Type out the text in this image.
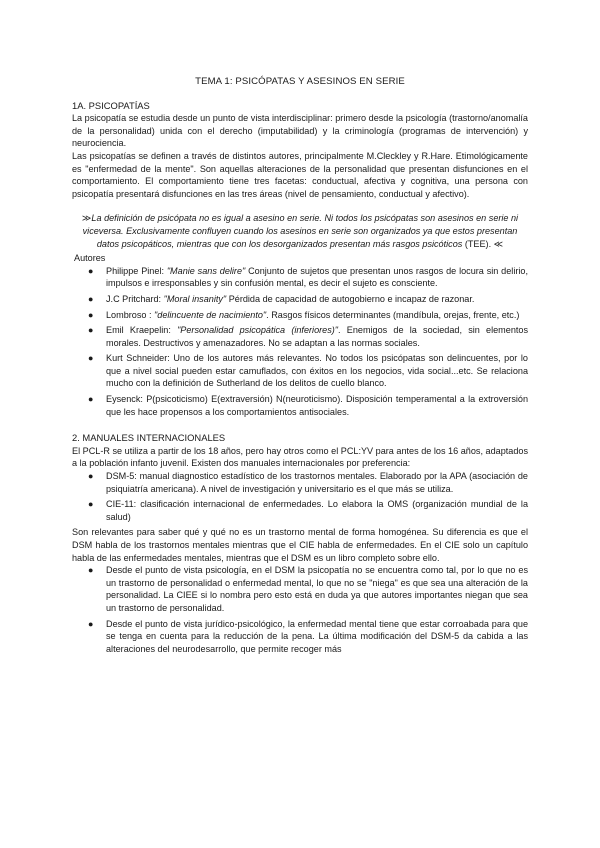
TEMA 1: PSICÓPATAS Y ASESINOS EN SERIE

1A. PSICOPATÍAS

La psicopatía se estudia desde un punto de vista interdisciplinar: primero desde la psicología (trastorno/anomalía de la personalidad) unida con el derecho (imputabilidad) y la criminología (programas de intervención) y neurociencia.

Las psicopatías se definen a través de distintos autores, principalmente M.Cleckley y R.Hare. Etimológicamente es "enfermedad de la mente". Son aquellas alteraciones de la personalidad que presentan disfunciones en el comportamiento. El comportamiento tiene tres facetas: conductual, afectiva y cognitiva, una persona con psicopatía presentará disfunciones en las tres áreas (nivel de pensamiento, conductual y afectivo).

≫La definición de psicópata no es igual a asesino en serie. Ni todos los psicópatas son asesinos en serie ni viceversa. Exclusivamente confluyen cuando los asesinos en serie son organizados ya que estos presentan datos psicopáticos, mientras que con los desorganizados presentan más rasgos psicóticos (TEE). ≪

Autores

● Philippe Pinel: "Manie sans delire" Conjunto de sujetos que presentan unos rasgos de locura sin delirio, impulsos e irresponsables y sin confusión mental, es decir el sujeto es consciente.
● J.C Pritchard: "Moral insanity" Pérdida de capacidad de autogobierno e incapaz de razonar.
● Lombroso : "delincuente de nacimiento". Rasgos físicos determinantes (mandíbula, orejas, frente, etc.)
● Emil Kraepelin: "Personalidad psicopática (inferiores)". Enemigos de la sociedad, sin elementos morales. Destructivos y amenazadores. No se adaptan a las normas sociales.
● Kurt Schneider: Uno de los autores más relevantes. No todos los psicópatas son delincuentes, por lo que a nivel social pueden estar camuflados, con éxitos en los negocios, vida social...etc. Se relaciona mucho con la definición de Sutherland de los delitos de cuello blanco.
● Eysenck: P(psicoticismo) E(extraversión) N(neuroticismo). Disposición temperamental a la extroversión que les hace propensos a los comportamientos antisociales.

2. MANUALES INTERNACIONALES

El PCL-R se utiliza a partir de los 18 años, pero hay otros como el PCL:YV para antes de los 16 años, adaptados a la población infanto juvenil. Existen dos manuales internacionales por preferencia:

● DSM-5: manual diagnostico estadístico de los trastornos mentales. Elaborado por la APA (asociación de psiquiatría americana). A nivel de investigación y universitario es el que más se utiliza.
● CIE-11: clasificación internacional de enfermedades. Lo elabora la OMS (organización mundial de la salud)

Son relevantes para saber qué y qué no es un trastorno mental de forma homogénea. Su diferencia es que el DSM habla de los trastornos mentales mientras que el CIE habla de enfermedades. En el CIE solo un capítulo habla de las enfermedades mentales, mientras que el DSM es un libro completo sobre ello.

● Desde el punto de vista psicología, en el DSM la psicopatía no se encuentra como tal, por lo que no es un trastorno de personalidad o enfermedad mental, lo que no se "niega" es que sea una alteración de la personalidad. La CIEE si lo nombra pero esto está en duda ya que autores importantes niegan que sea un trastorno de personalidad.
● Desde el punto de vista jurídico-psicológico, la enfermedad mental tiene que estar corroabada para que se tenga en cuenta para la reducción de la pena. La última modificación del DSM-5 da cabida a las alteraciones del neurodesarrollo, que permite recoger más
